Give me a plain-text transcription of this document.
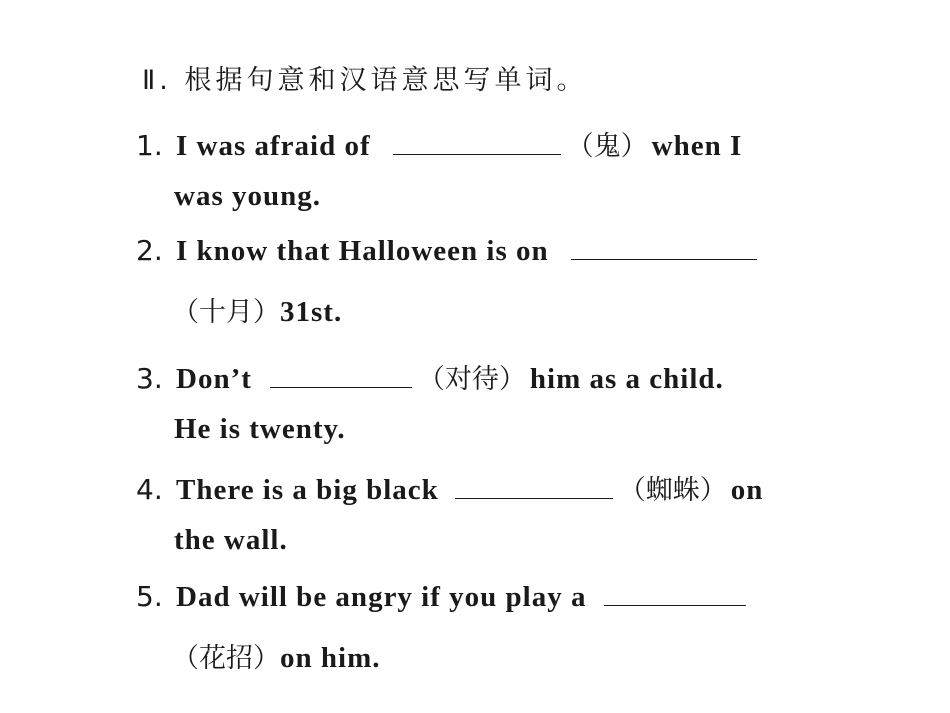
Ⅱ. 根据句意和汉语意思写单词。
1. I was afraid of	（鬼） when I
was young.
2. I know that Halloween is on
（十月）31st.
3. Don’t	（对待） him as a child.
He is twenty.
4. There is a big black	（蜘蛛） on
the wall.
5. Dad will be angry if you play a
（花招）on him.
